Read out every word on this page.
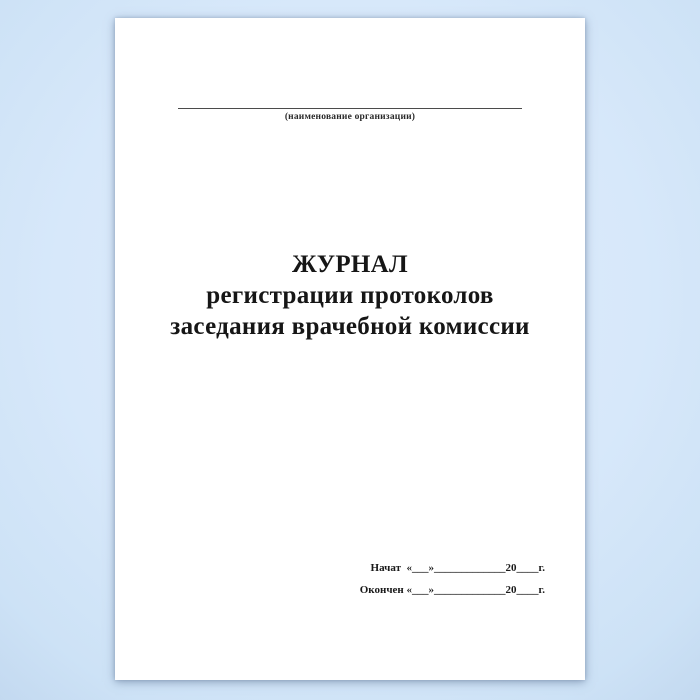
(наименование организации)
ЖУРНАЛ
регистрации протоколов
заседания врачебной комиссии
Начат  «___»_____________20____г.
Окончен «___»_____________20____г.
